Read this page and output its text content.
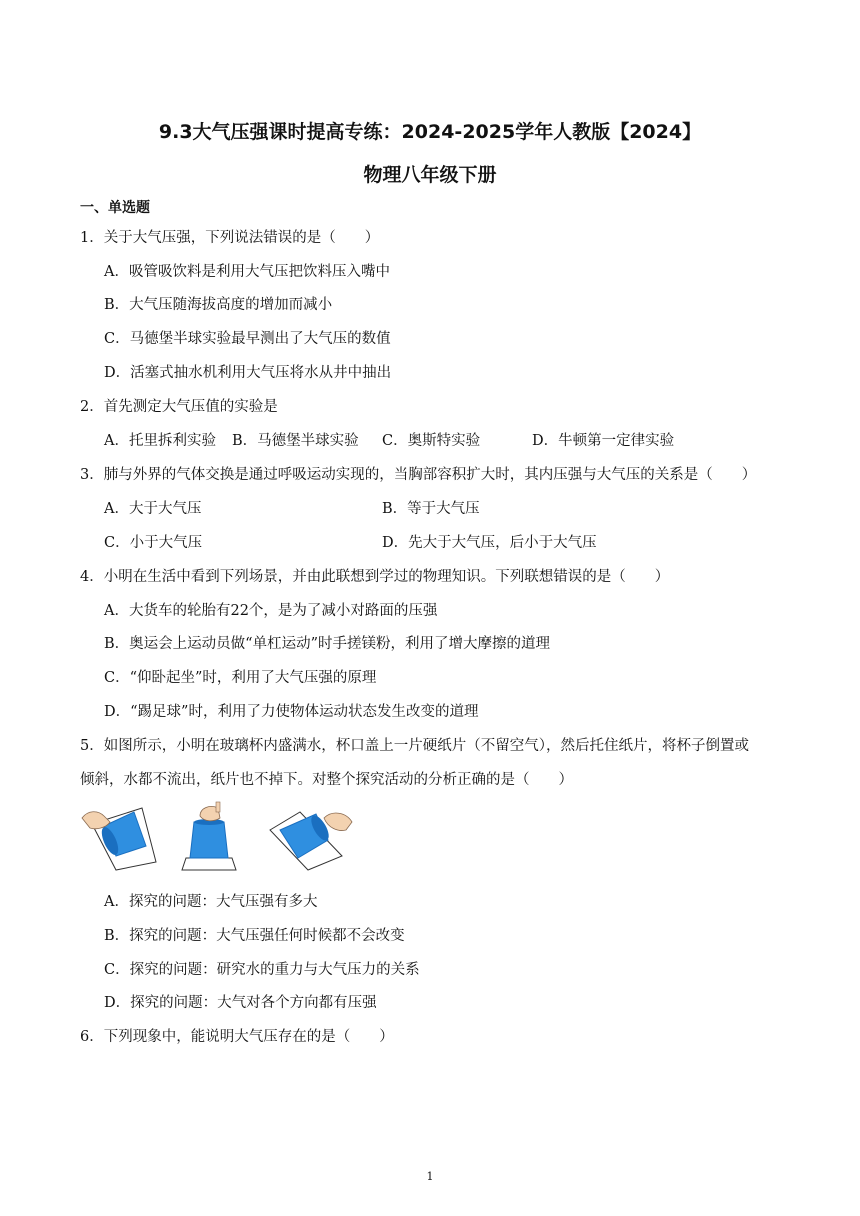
9.3大气压强课时提高专练：2024-2025学年人教版【2024】
物理八年级下册
一、单选题
1．关于大气压强，下列说法错误的是（　　）
A．吸管吸饮料是利用大气压把饮料压入嘴中
B．大气压随海拔高度的增加而减小
C．马德堡半球实验最早测出了大气压的数值
D．活塞式抽水机利用大气压将水从井中抽出
2．首先测定大气压值的实验是
A．托里拆利实验 B．马德堡半球实验 C．奥斯特实验	D．牛顿第一定律实验
3．肺与外界的气体交换是通过呼吸运动实现的，当胸部容积扩大时，其内压强与大气压的关系是（　　）
A．大于大气压	B．等于大气压
C．小于大气压	D．先大于大气压，后小于大气压
4．小明在生活中看到下列场景，并由此联想到学过的物理知识。下列联想错误的是（　　）
A．大货车的轮胎有22个，是为了减小对路面的压强
B．奥运会上运动员做“单杠运动”时手搓镁粉，利用了增大摩擦的道理
C．“仰卧起坐”时，利用了大气压强的原理
D．“踢足球”时，利用了力使物体运动状态发生改变的道理
5．如图所示，小明在玻璃杯内盛满水，杯口盖上一片硬纸片（不留空气），然后托住纸片，将杯子倒置或
倾斜，水都不流出，纸片也不掉下。对整个探究活动的分析正确的是（　　）
A．探究的问题：大气压强有多大
B．探究的问题：大气压强任何时候都不会改变
C．探究的问题：研究水的重力与大气压力的关系
D．探究的问题：大气对各个方向都有压强
6．下列现象中，能说明大气压存在的是（　　）
1
